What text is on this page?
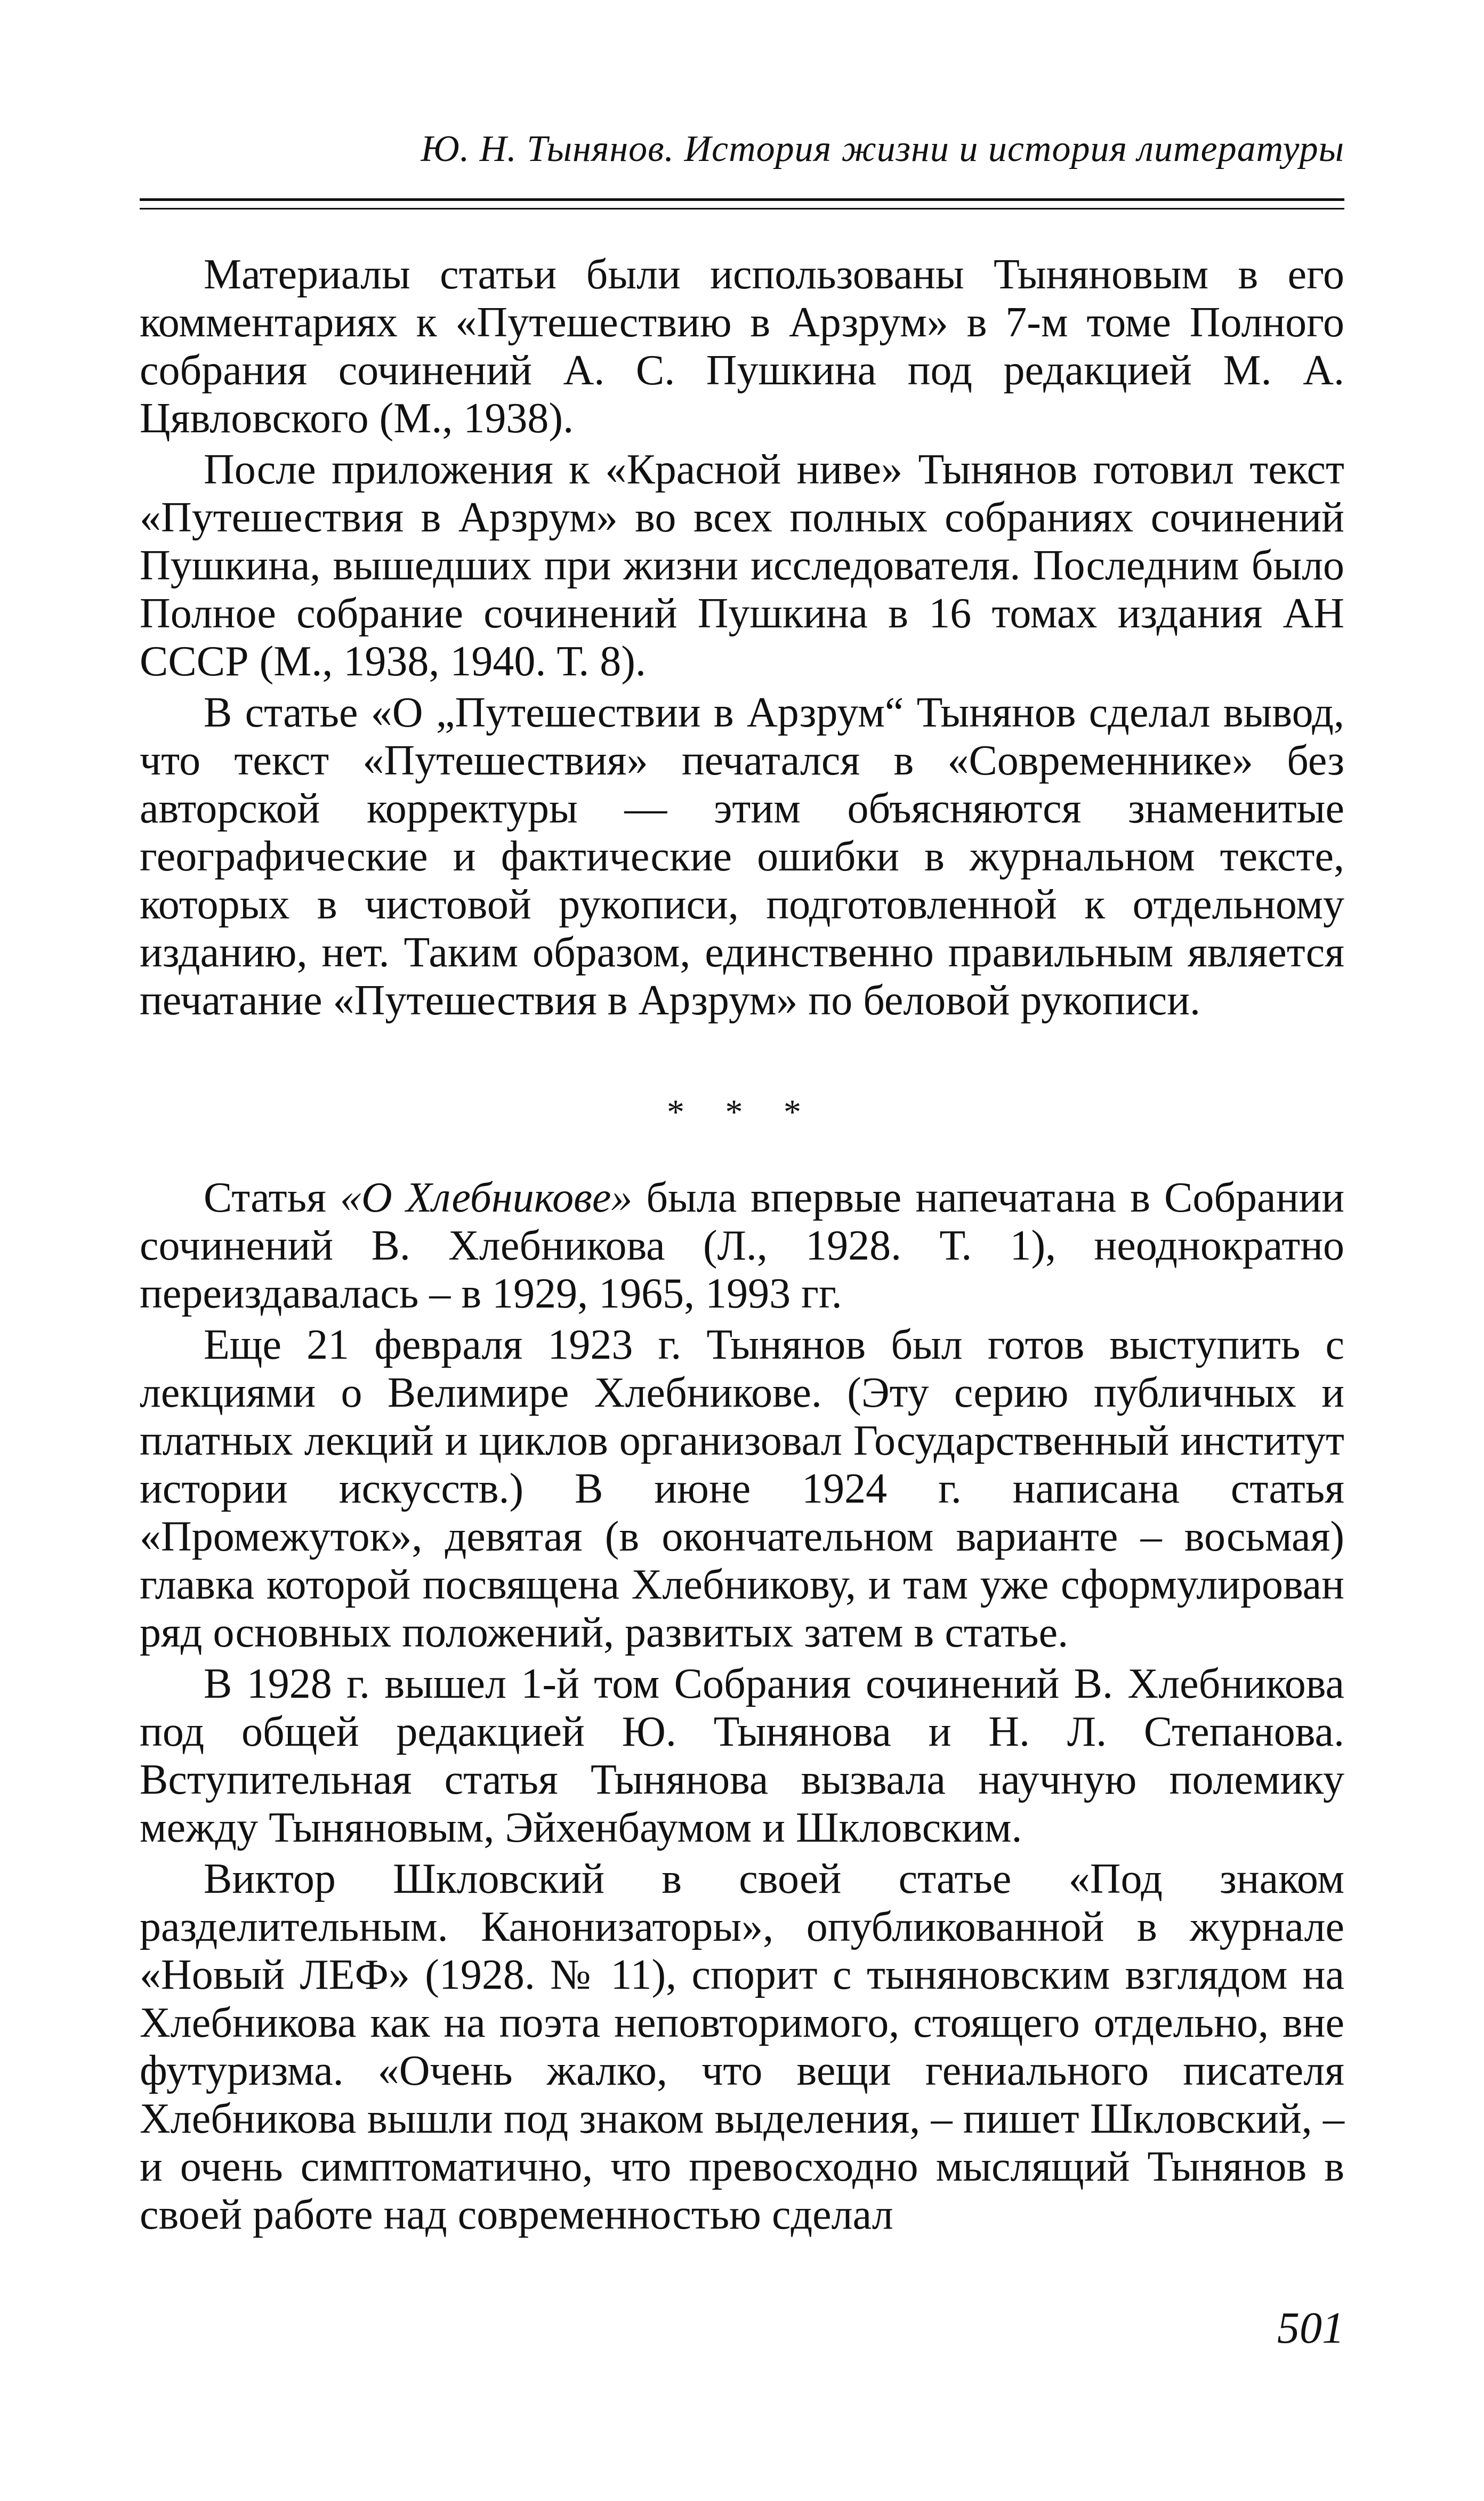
Ю. Н. Тынянов. История жизни и история литературы

Материалы статьи были использованы Тыняновым в его комментариях к «Путешествию в Арзрум» в 7-м томе Полного собрания сочинений А. С. Пушкина под редакцией М. А. Цявловского (М., 1938).

После приложения к «Красной ниве» Тынянов готовил текст «Путешествия в Арзрум» во всех полных собраниях сочинений Пушкина, вышедших при жизни исследователя. Последним было Полное собрание сочинений Пушкина в 16 томах издания АН СССР (М., 1938, 1940. Т. 8).

В статье «О „Путешествии в Арзрум“ Тынянов сделал вывод, что текст «Путешествия» печатался в «Современнике» без авторской корректуры — этим объясняются знаменитые географические и фактические ошибки в журнальном тексте, которых в чистовой рукописи, подготовленной к отдельному изданию, нет. Таким образом, единственно правильным является печатание «Путешествия в Арзрум» по беловой рукописи.

* * *

Статья «О Хлебникове» была впервые напечатана в Собрании сочинений В. Хлебникова (Л., 1928. Т. 1), неоднократно переиздавалась – в 1929, 1965, 1993 гг.

Еще 21 февраля 1923 г. Тынянов был готов выступить с лекциями о Велимире Хлебникове. (Эту серию публичных и платных лекций и циклов организовал Государственный институт истории искусств.) В июне 1924 г. написана статья «Промежуток», девятая (в окончательном варианте – восьмая) главка которой посвящена Хлебникову, и там уже сформулирован ряд основных положений, развитых затем в статье.

В 1928 г. вышел 1-й том Собрания сочинений В. Хлебникова под общей редакцией Ю. Тынянова и Н. Л. Степанова. Вступительная статья Тынянова вызвала научную полемику между Тыняновым, Эйхенбаумом и Шкловским.

Виктор Шкловский в своей статье «Под знаком разделительным. Канонизаторы», опубликованной в журнале «Новый ЛЕФ» (1928. № 11), спорит с тыняновским взглядом на Хлебникова как на поэта неповторимого, стоящего отдельно, вне футуризма. «Очень жалко, что вещи гениального писателя Хлебникова вышли под знаком выделения, – пишет Шкловский, – и очень симптоматично, что превосходно мыслящий Тынянов в своей работе над современностью сделал

501
